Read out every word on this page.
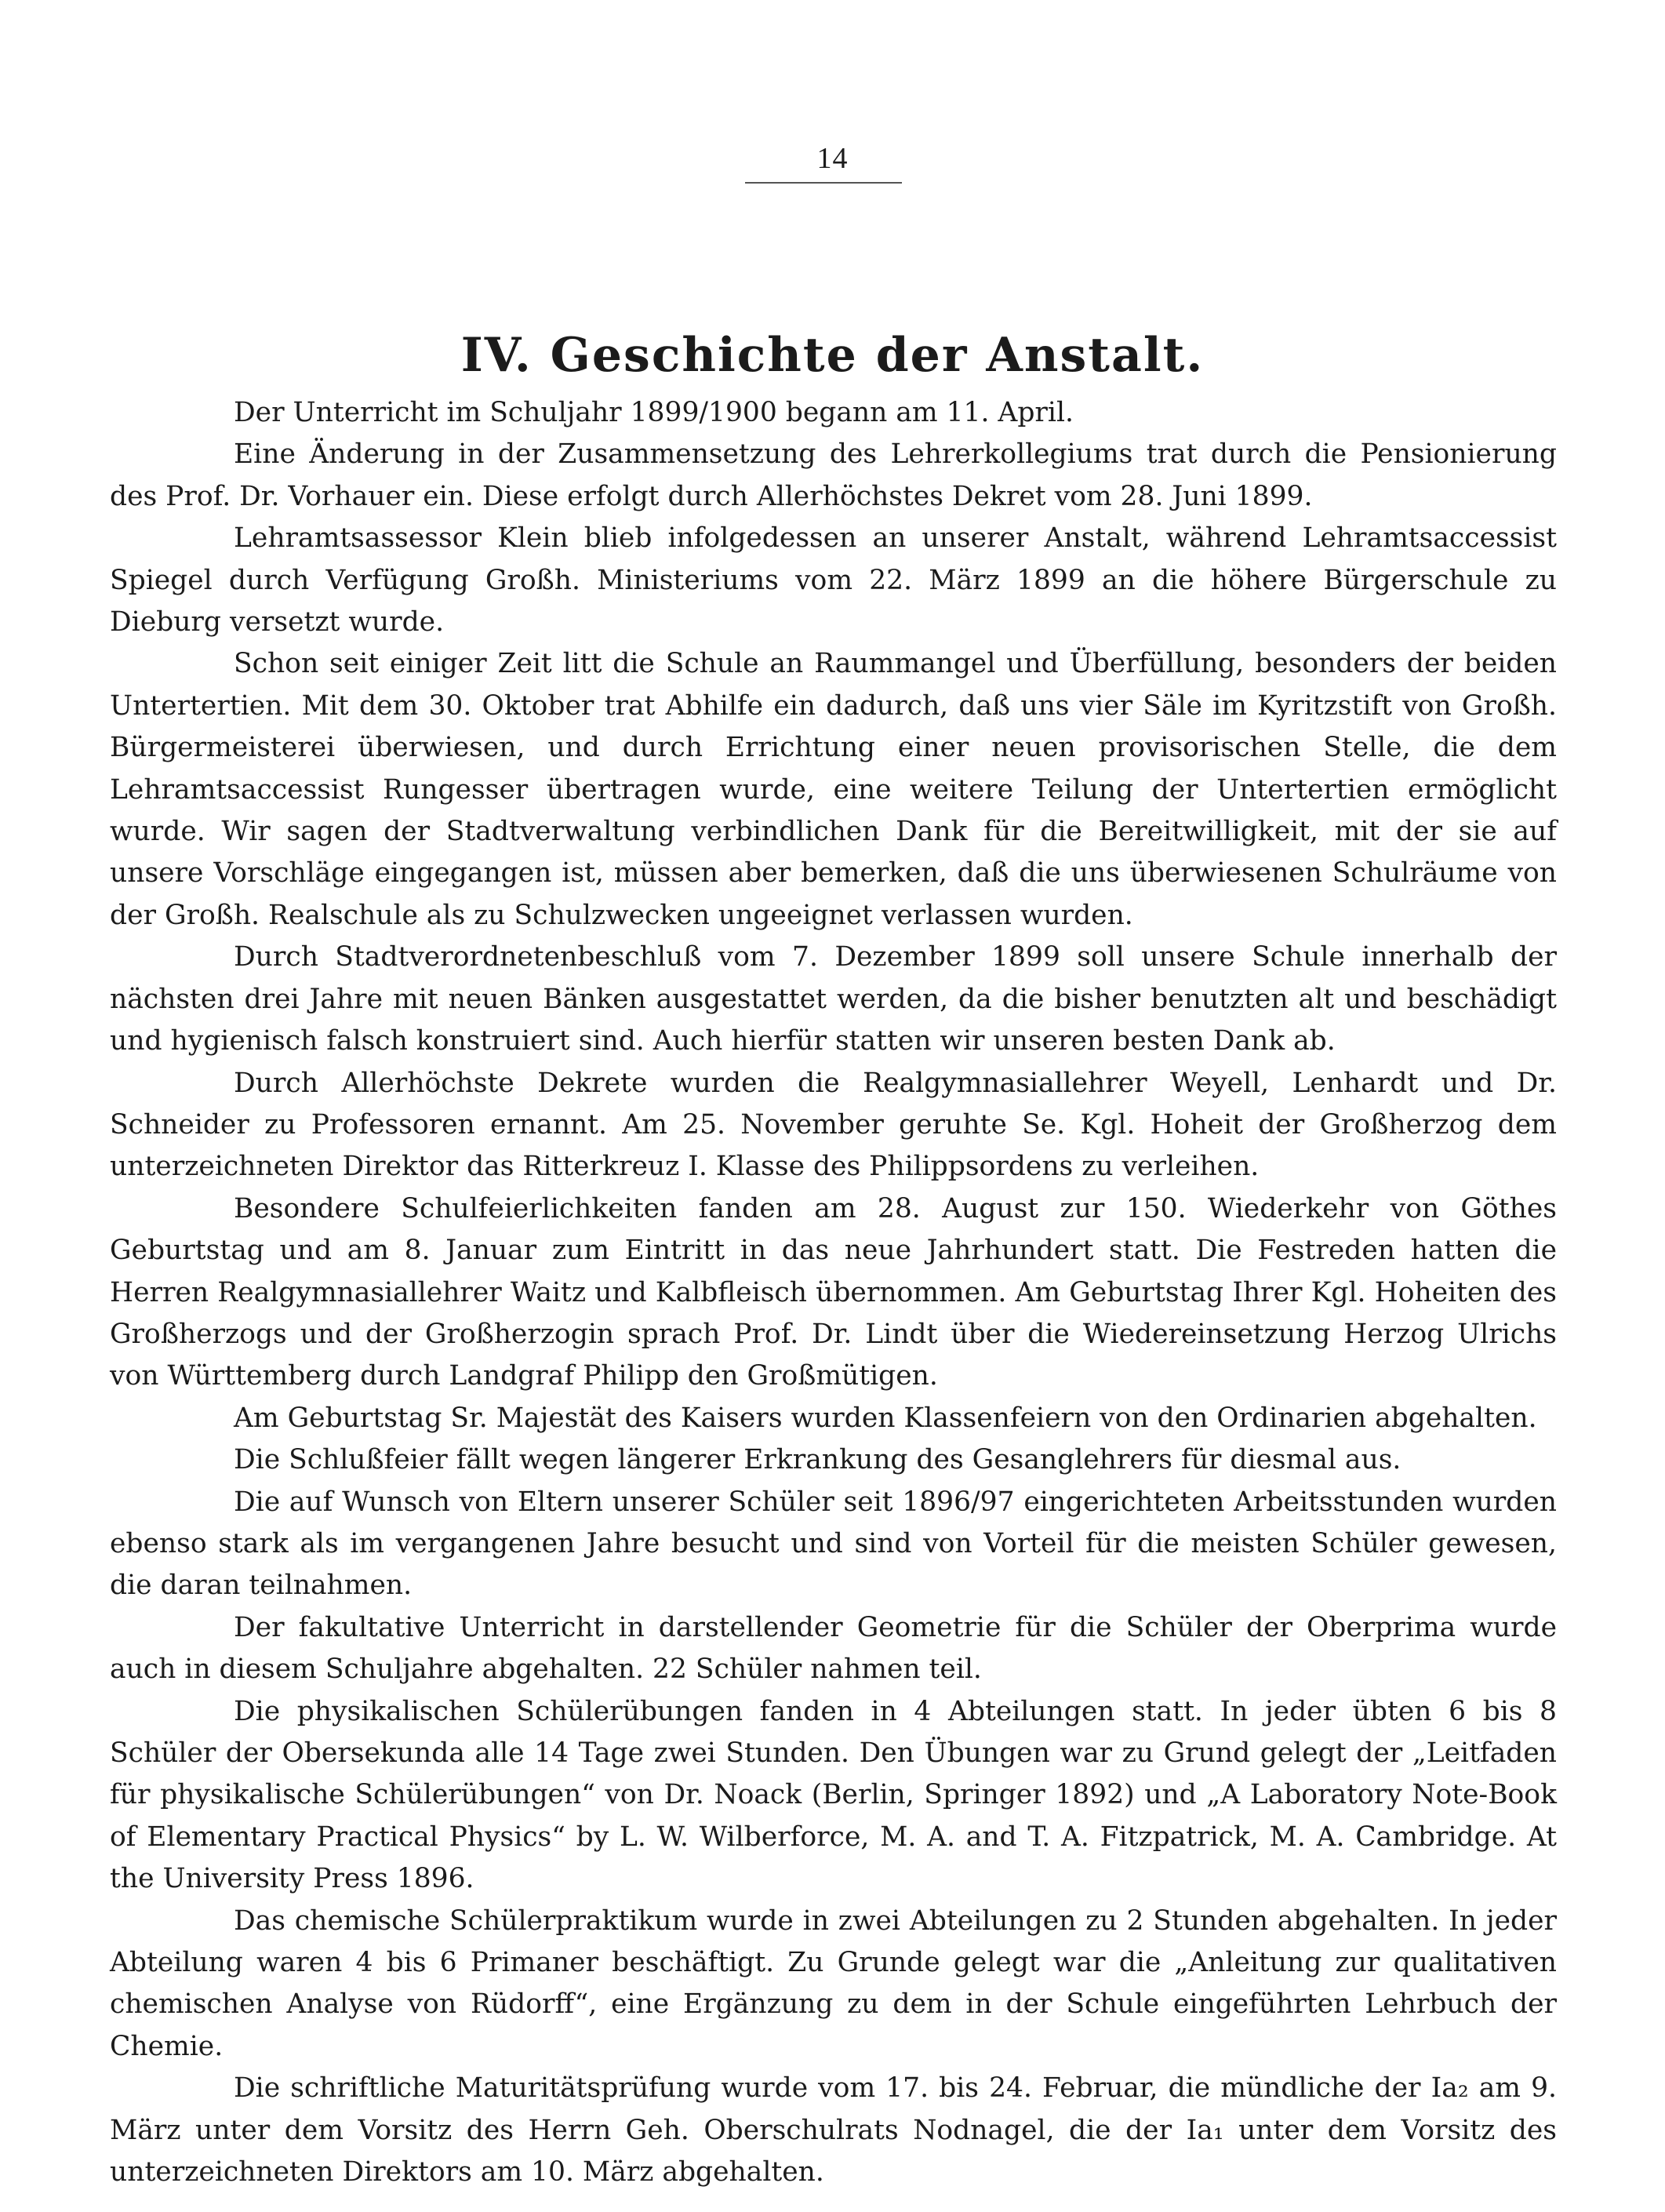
14
IV. Geschichte der Anstalt.

Der Unterricht im Schuljahr 1899/1900 begann am 11. April.

Eine Änderung in der Zusammensetzung des Lehrerkollegiums trat durch die Pensionierung des Prof. Dr. Vorhauer ein. Diese erfolgt durch Allerhöchstes Dekret vom 28. Juni 1899.

Lehramtsassessor Klein blieb infolgedessen an unserer Anstalt, während Lehramtsaccessist Spiegel durch Verfügung Großh. Ministeriums vom 22. März 1899 an die höhere Bürgerschule zu Dieburg versetzt wurde.

Schon seit einiger Zeit litt die Schule an Raummangel und Überfüllung, besonders der beiden Untertertien. Mit dem 30. Oktober trat Abhilfe ein dadurch, daß uns vier Säle im Kyritzstift von Großh. Bürgermeisterei überwiesen, und durch Errichtung einer neuen provisorischen Stelle, die dem Lehramtsaccessist Rungesser übertragen wurde, eine weitere Teilung der Untertertien ermöglicht wurde. Wir sagen der Stadtverwaltung verbindlichen Dank für die Bereitwilligkeit, mit der sie auf unsere Vorschläge eingegangen ist, müssen aber bemerken, daß die uns überwiesenen Schulräume von der Großh. Realschule als zu Schulzwecken ungeeignet verlassen wurden.

Durch Stadtverordnetenbeschluß vom 7. Dezember 1899 soll unsere Schule innerhalb der nächsten drei Jahre mit neuen Bänken ausgestattet werden, da die bisher benutzten alt und beschädigt und hygienisch falsch konstruiert sind. Auch hierfür statten wir unseren besten Dank ab.

Durch Allerhöchste Dekrete wurden die Realgymnasiallehrer Weyell, Lenhardt und Dr. Schneider zu Professoren ernannt. Am 25. November geruhte Se. Kgl. Hoheit der Großherzog dem unterzeichneten Direktor das Ritterkreuz I. Klasse des Philippsordens zu verleihen.

Besondere Schulfeierlichkeiten fanden am 28. August zur 150. Wiederkehr von Göthes Geburtstag und am 8. Januar zum Eintritt in das neue Jahrhundert statt. Die Festreden hatten die Herren Realgymnasiallehrer Waitz und Kalbfleisch übernommen. Am Geburtstag Ihrer Kgl. Hoheiten des Großherzogs und der Großherzogin sprach Prof. Dr. Lindt über die Wiedereinsetzung Herzog Ulrichs von Württemberg durch Landgraf Philipp den Großmütigen.

Am Geburtstag Sr. Majestät des Kaisers wurden Klassenfeiern von den Ordinarien abgehalten.

Die Schlußfeier fällt wegen längerer Erkrankung des Gesanglehrers für diesmal aus.

Die auf Wunsch von Eltern unserer Schüler seit 1896/97 eingerichteten Arbeitsstunden wurden ebenso stark als im vergangenen Jahre besucht und sind von Vorteil für die meisten Schüler gewesen, die daran teilnahmen.

Der fakultative Unterricht in darstellender Geometrie für die Schüler der Oberprima wurde auch in diesem Schuljahre abgehalten. 22 Schüler nahmen teil.

Die physikalischen Schülerübungen fanden in 4 Abteilungen statt. In jeder übten 6 bis 8 Schüler der Obersekunda alle 14 Tage zwei Stunden. Den Übungen war zu Grund gelegt der „Leitfaden für physikalische Schülerübungen“ von Dr. Noack (Berlin, Springer 1892) und „A Laboratory Note-Book of Elementary Practical Physics“ by L. W. Wilberforce, M. A. and T. A. Fitzpatrick, M. A. Cambridge. At the University Press 1896.

Das chemische Schülerpraktikum wurde in zwei Abteilungen zu 2 Stunden abgehalten. In jeder Abteilung waren 4 bis 6 Primaner beschäftigt. Zu Grunde gelegt war die „Anleitung zur qualitativen chemischen Analyse von Rüdorff“, eine Ergänzung zu dem in der Schule eingeführten Lehrbuch der Chemie.

Die schriftliche Maturitätsprüfung wurde vom 17. bis 24. Februar, die mündliche der Ia₂ am 9. März unter dem Vorsitz des Herrn Geh. Oberschulrats Nodnagel, die der Ia₁ unter dem Vorsitz des unterzeichneten Direktors am 10. März abgehalten.
